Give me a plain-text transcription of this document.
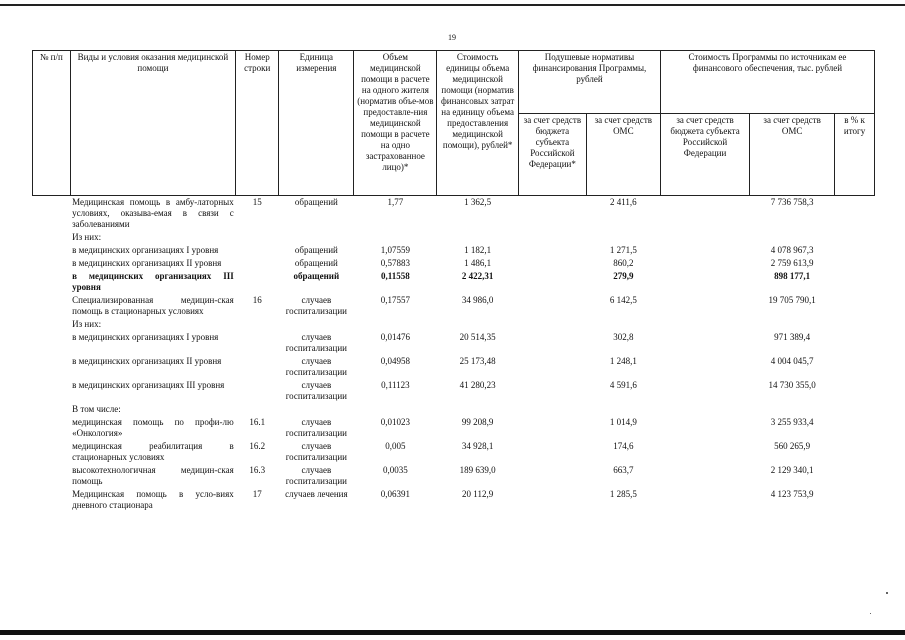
19
№ п/п	Виды и условия оказания медицинской помощи	Номер строки	Единица измерения	Объем медицинской помощи в расчете на одного жителя (норматив объе-мов предоставле-ния медицинской помощи в расчете на одно застрахованное лицо)*	Стоимость единицы объема медицинской помощи (норматив финансовых затрат на единицу объема предоставления медицинской помощи), рублей*	Подушевые нормативы финансирования Программы, рублей		Стоимость Программы по источникам ее финансового обеспечения, тыс. рублей		
						за счет средств бюджета субъекта Российской Федерации*	за счет средств ОМС	за счет средств бюджета субъекта Российской Федерации	за счет средств ОМС	в % к итогу
	Медицинская помощь в амбу-латорных условиях, оказыва-емая в связи с заболеваниями	15	обращений	1,77	1 362,5		2 411,6		7 736 758,3	
	Из них:									
	в медицинских организациях I уровня		обращений	1,07559	1 182,1		1 271,5		4 078 967,3	
	в медицинских организациях II уровня		обращений	0,57883	1 486,1		860,2		2 759 613,9	
	в медицинских организациях III уровня		обращений	0,11558	2 422,31		279,9		898 177,1	
	Специализированная медицин-ская помощь в стационарных условиях	16	случаев госпитализации	0,17557	34 986,0		6 142,5		19 705 790,1	
	Из них:									
	в медицинских организациях I уровня		случаев госпитализации	0,01476	20 514,35		302,8		971 389,4	
	в медицинских организациях II уровня		случаев госпитализации	0,04958	25 173,48		1 248,1		4 004 045,7	
	в медицинских организациях III уровня		случаев госпитализации	0,11123	41 280,23		4 591,6		14 730 355,0	
	В том числе:									
	медицинская помощь по профи-лю «Онкология»	16.1	случаев госпитализации	0,01023	99 208,9		1 014,9		3 255 933,4	
	медицинская реабилитация в стационарных условиях	16.2	случаев госпитализации	0,005	34 928,1		174,6		560 265,9	
	высокотехнологичная медицин-ская помощь	16.3	случаев госпитализации	0,0035	189 639,0		663,7		2 129 340,1	
	Медицинская помощь в усло-виях дневного стационара	17	случаев лечения	0,06391	20 112,9		1 285,5		4 123 753,9	
